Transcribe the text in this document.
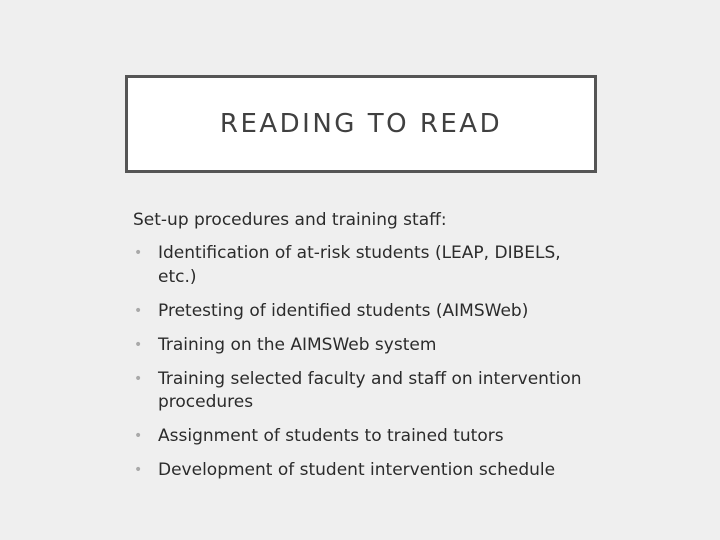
READING TO READ

Set-up procedures and training staff:

• Identification of at-risk students (LEAP, DIBELS, etc.)
• Pretesting of identified students (AIMSWeb)
• Training on the AIMSWeb system
• Training selected faculty and staff on intervention procedures
• Assignment of students to trained tutors
• Development of student intervention schedule
